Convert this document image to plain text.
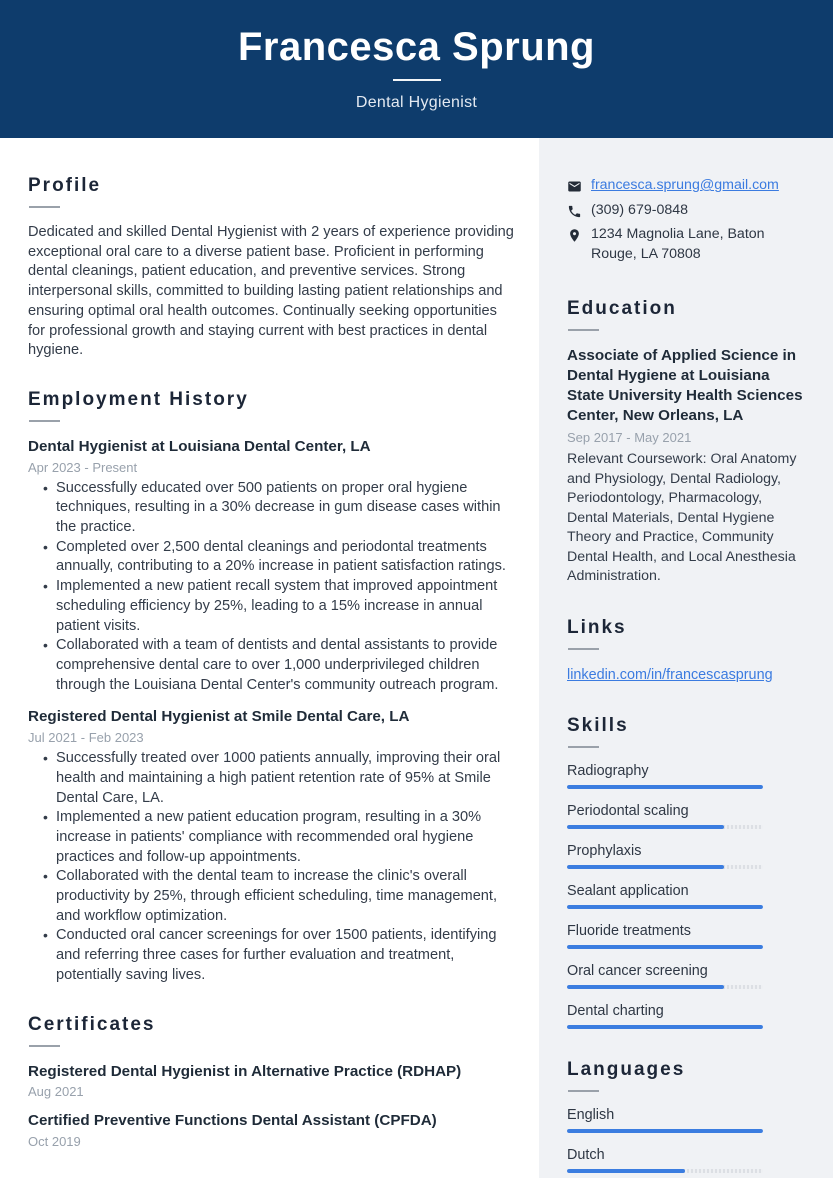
Francesca Sprung
Dental Hygienist
Profile
Dedicated and skilled Dental Hygienist with 2 years of experience providing exceptional oral care to a diverse patient base. Proficient in performing dental cleanings, patient education, and preventive services. Strong interpersonal skills, committed to building lasting patient relationships and ensuring optimal oral health outcomes. Continually seeking opportunities for professional growth and staying current with best practices in dental hygiene.
Employment History
Dental Hygienist at Louisiana Dental Center, LA
Apr 2023 - Present
• Successfully educated over 500 patients on proper oral hygiene techniques, resulting in a 30% decrease in gum disease cases within the practice.
• Completed over 2,500 dental cleanings and periodontal treatments annually, contributing to a 20% increase in patient satisfaction ratings.
• Implemented a new patient recall system that improved appointment scheduling efficiency by 25%, leading to a 15% increase in annual patient visits.
• Collaborated with a team of dentists and dental assistants to provide comprehensive dental care to over 1,000 underprivileged children through the Louisiana Dental Center's community outreach program.
Registered Dental Hygienist at Smile Dental Care, LA
Jul 2021 - Feb 2023
• Successfully treated over 1000 patients annually, improving their oral health and maintaining a high patient retention rate of 95% at Smile Dental Care, LA.
• Implemented a new patient education program, resulting in a 30% increase in patients' compliance with recommended oral hygiene practices and follow-up appointments.
• Collaborated with the dental team to increase the clinic's overall productivity by 25%, through efficient scheduling, time management, and workflow optimization.
• Conducted oral cancer screenings for over 1500 patients, identifying and referring three cases for further evaluation and treatment, potentially saving lives.
Certificates
Registered Dental Hygienist in Alternative Practice (RDHAP)
Aug 2021
Certified Preventive Functions Dental Assistant (CPFDA)
Oct 2019
francesca.sprung@gmail.com
(309) 679-0848
1234 Magnolia Lane, Baton Rouge, LA 70808
Education
Associate of Applied Science in Dental Hygiene at Louisiana State University Health Sciences Center, New Orleans, LA
Sep 2017 - May 2021
Relevant Coursework: Oral Anatomy and Physiology, Dental Radiology, Periodontology, Pharmacology, Dental Materials, Dental Hygiene Theory and Practice, Community Dental Health, and Local Anesthesia Administration.
Links
linkedin.com/in/francescasprung
Skills
Radiography
Periodontal scaling
Prophylaxis
Sealant application
Fluoride treatments
Oral cancer screening
Dental charting
Languages
English
Dutch
